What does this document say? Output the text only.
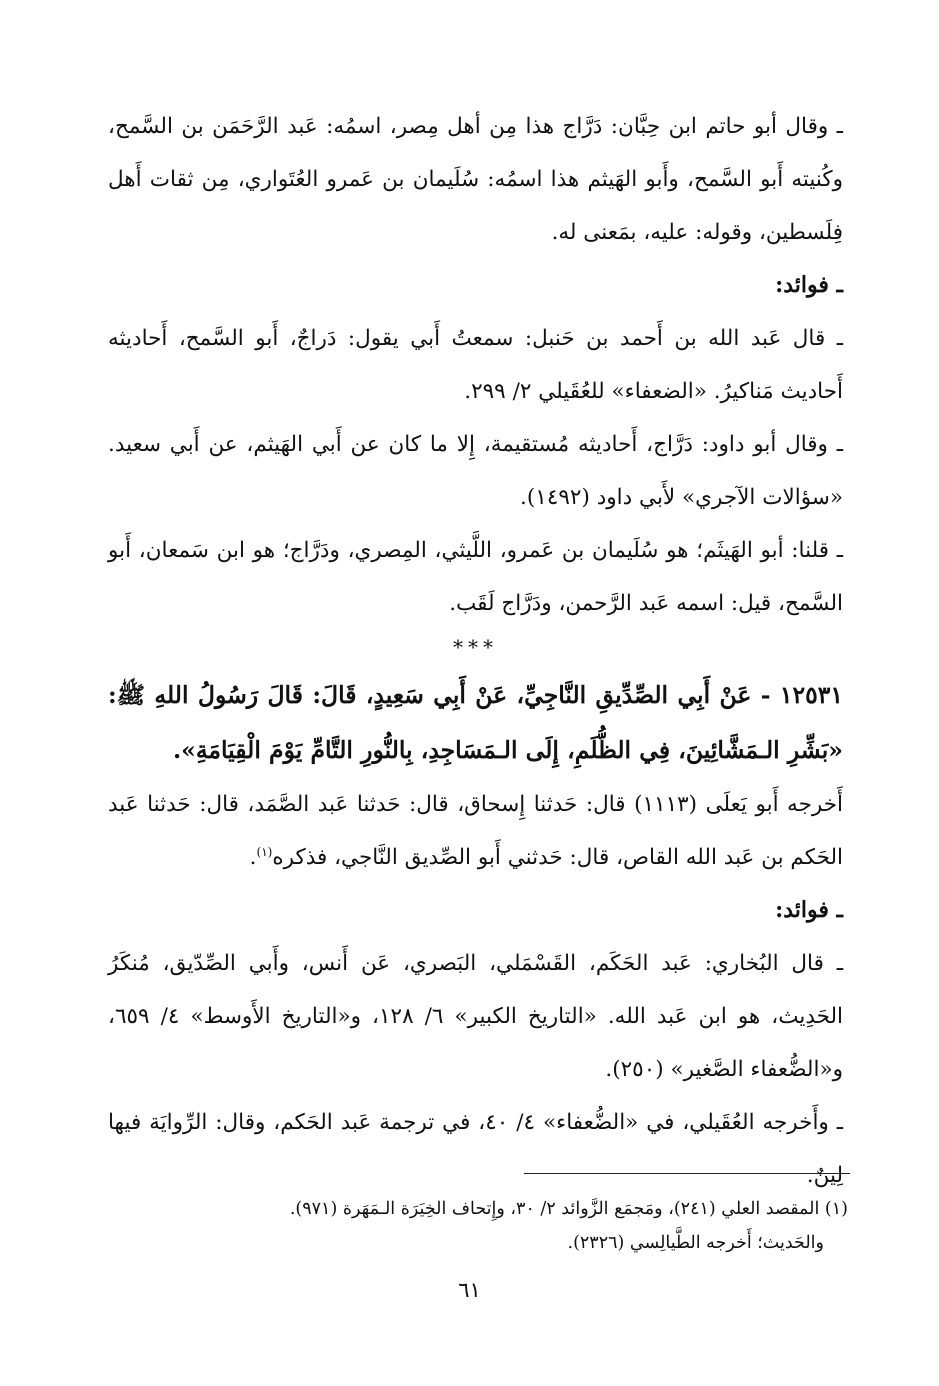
ـ وقال أبو حاتم ابن حِبَّان: دَرَّاج هذا مِن أهل مِصر، اسمُه: عَبد الرَّحَمَن بن السَّمح، وكُنيته أَبو السَّمح، وأَبو الهَيثم هذا اسمُه: سُلَيمان بن عَمرو العُتَواري، مِن ثقات أَهل فِلَسطين، وقوله: عليه، بمَعنى له.

ـ فوائد:

ـ قال عَبد الله بن أَحمد بن حَنبل: سمعتُ أَبي يقول: دَراجٌ، أَبو السَّمح، أَحاديثه أَحاديث مَناكيرُ. «الضعفاء» للعُقَيلي ٢/ ٢٩٩.

ـ وقال أبو داود: دَرَّاج، أَحاديثه مُستقيمة، إِلا ما كان عن أَبي الهَيثم، عن أَبي سعيد. «سؤالات الآجري» لأَبي داود (١٤٩٢).

ـ قلنا: أبو الهَيثَم؛ هو سُلَيمان بن عَمرو، اللَّيثي، المِصري، ودَرَّاج؛ هو ابن سَمعان، أَبو السَّمح، قيل: اسمه عَبد الرَّحمن، ودَرَّاج لَقَب.

***

١٢٥٣١ - عَنْ أَبِي الصِّدِّيقِ النَّاجِيِّ، عَنْ أَبِي سَعِيدٍ، قَالَ: قَالَ رَسُولُ اللهِ ﷺ: «بَشِّرِ الـمَشَّائِينَ، فِي الظُّلَمِ، إِلَى الـمَسَاجِدِ، بِالنُّورِ التَّامِّ يَوْمَ الْقِيَامَةِ».

أَخرجه أَبو يَعلَى (١١١٣) قال: حَدثنا إِسحاق، قال: حَدثنا عَبد الصَّمَد، قال: حَدثنا عَبد الحَكم بن عَبد الله القاص، قال: حَدثني أَبو الصِّديق النَّاجي، فذكره$^{(١)}$.

ـ فوائد:

ـ قال البُخاري: عَبد الحَكَم، القَسْمَلي، البَصري، عَن أَنس، وأَبي الصِّدّيق، مُنكَرُ الحَدِيث، هو ابن عَبد الله. «التاريخ الكبير» ٦/ ١٢٨، و«التاريخ الأَوسط» ٤/ ٦٥٩، و«الضُّعفاء الصَّغير» (٢٥٠).

ـ وأَخرجه العُقَيلي، في «الضُّعفاء» ٤/ ٤٠، في ترجمة عَبد الحَكم، وقال: الرِّوايَة فيها لِينٌ.

(١) المقصد العلي (٢٤١)، ومَجمَع الزَّوائد ٢/ ٣٠، وإِتحاف الخِيَرَة الـمَهَرة (٩٧١).

والحَديث؛ أَخرجه الطَّيالِسي (٢٣٢٦).

٦١
